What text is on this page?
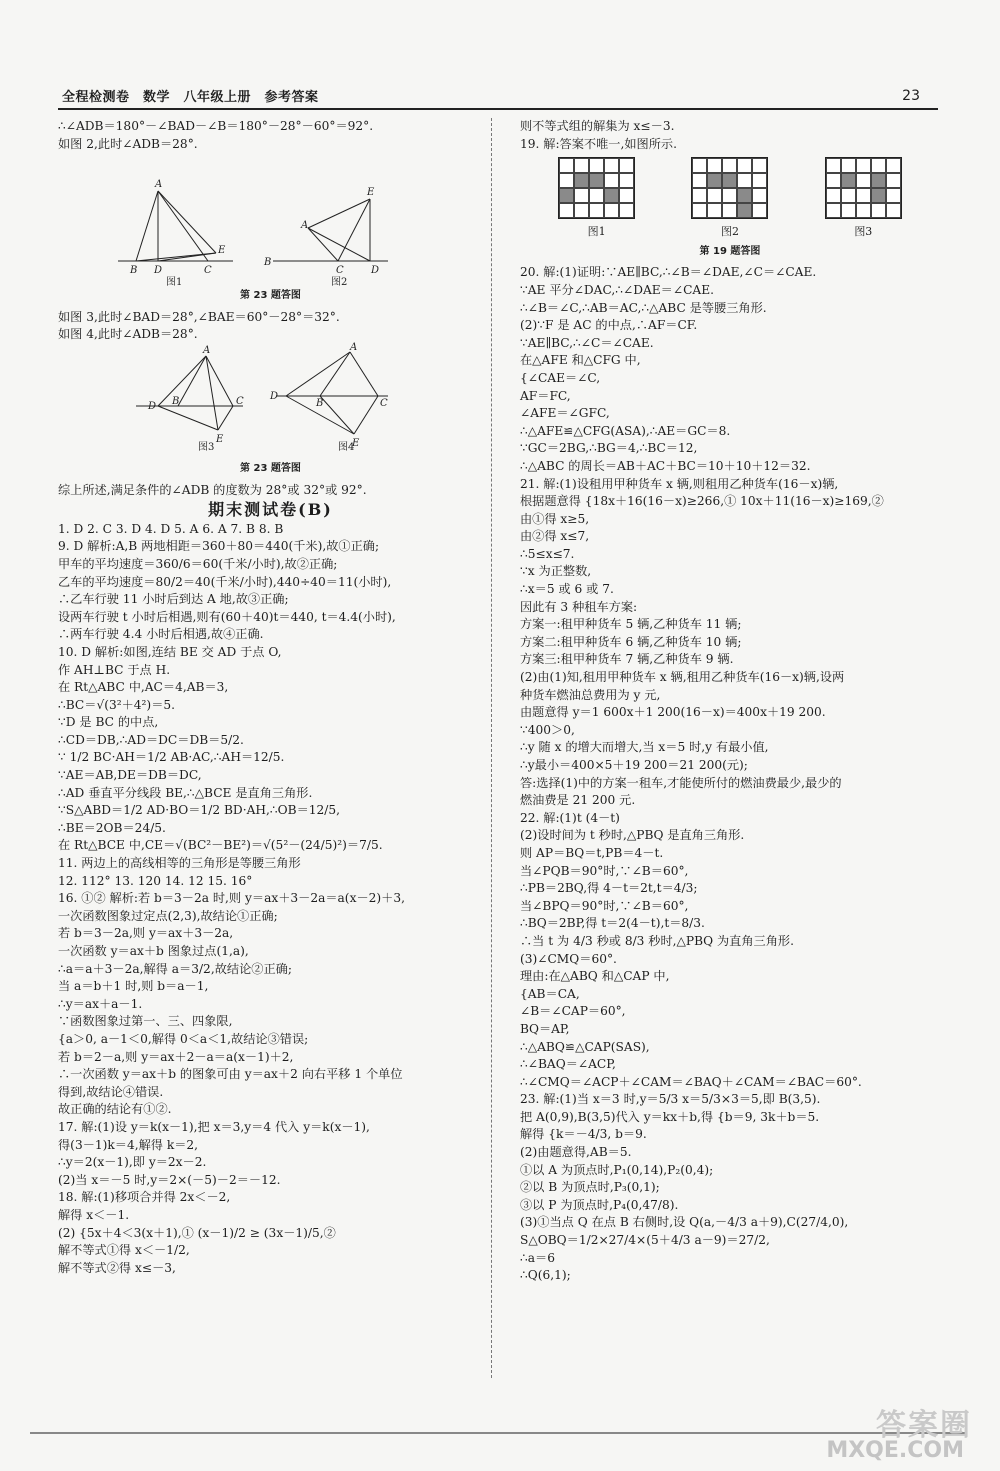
全程检测卷　数学　八年级上册　参考答案	23
∴∠ADB＝180°－∠BAD－∠B＝180°－28°－60°＝92°.
如图 2,此时∠ADB＝28°.
A
B D	C
E
E
A
B
C	D
图1	图2
第 23 题答图
如图 3,此时∠BAD＝28°,∠BAE＝60°－28°＝32°.
如图 4,此时∠ADB＝28°.
A
D B	C
E
A
D
B	C
E
图3	图4
第 23 题答图
综上所述,满足条件的∠ADB 的度数为 28°或 32°或 92°.
期末测试卷(B)
1. D 2. C 3. D 4. D 5. A 6. A 7. B 8. B
9. D 解析:A,B 两地相距＝360＋80＝440(千米),故①正确;
甲车的平均速度＝360/6＝60(千米/小时),故②正确;
乙车的平均速度＝80/2＝40(千米/小时),440÷40＝11(小时),
∴乙车行驶 11 小时后到达 A 地,故③正确;
设两车行驶 t 小时后相遇,则有(60＋40)t＝440, t＝4.4(小时),
∴两车行驶 4.4 小时后相遇,故④正确.
10. D 解析:如图,连结 BE 交 AD 于点 O,
作 AH⊥BC 于点 H.
在 Rt△ABC 中,AC＝4,AB＝3,
∴BC＝√(3²＋4²)＝5.
∵D 是 BC 的中点,
∴CD＝DB,∴AD＝DC＝DB＝5/2.
∵ 1/2 BC·AH＝1/2 AB·AC,∴AH＝12/5.
∵AE＝AB,DE＝DB＝DC,
∴AD 垂直平分线段 BE,∴△BCE 是直角三角形.
∵S△ABD＝1/2 AD·BO＝1/2 BD·AH,∴OB＝12/5,
∴BE＝2OB＝24/5.
在 Rt△BCE 中,CE＝√(BC²－BE²)＝√(5²－(24/5)²)＝7/5.
11. 两边上的高线相等的三角形是等腰三角形
12. 112° 13. 120 14. 12 15. 16°
16. ①② 解析:若 b＝3－2a 时,则 y＝ax＋3－2a＝a(x－2)＋3,
一次函数图象过定点(2,3),故结论①正确;
若 b＝3－2a,则 y＝ax＋3－2a,
一次函数 y＝ax＋b 图象过点(1,a),
∴a＝a＋3－2a,解得 a＝3/2,故结论②正确;
当 a＝b＋1 时,则 b＝a－1,
∴y＝ax＋a－1.
∵函数图象过第一、三、四象限,
{a＞0, a－1＜0,解得 0＜a＜1,故结论③错误;
若 b＝2－a,则 y＝ax＋2－a＝a(x－1)＋2,
∴一次函数 y＝ax＋b 的图象可由 y＝ax＋2 向右平移 1 个单位
得到,故结论④错误.
故正确的结论有①②.
17. 解:(1)设 y＝k(x－1),把 x＝3,y＝4 代入 y＝k(x－1),
得(3－1)k＝4,解得 k＝2,
∴y＝2(x－1),即 y＝2x－2.
(2)当 x＝－5 时,y＝2×(－5)－2＝－12.
18. 解:(1)移项合并得 2x＜－2,
解得 x＜－1.
(2) {5x＋4＜3(x＋1),① (x－1)/2 ≥ (3x－1)/5,②
解不等式①得 x＜－1/2,
解不等式②得 x≤－3,
则不等式组的解集为 x≤－3.
19. 解:答案不唯一,如图所示.
图1	图2	图3
第 19 题答图
20. 解:(1)证明:∵AE∥BC,∴∠B＝∠DAE,∠C＝∠CAE.
∵AE 平分∠DAC,∴∠DAE＝∠CAE.
∴∠B＝∠C,∴AB＝AC,∴△ABC 是等腰三角形.
(2)∵F 是 AC 的中点,∴AF＝CF.
∵AE∥BC,∴∠C＝∠CAE.
在△AFE 和△CFG 中,
{∠CAE＝∠C,
AF＝FC,
∠AFE＝∠GFC,
∴△AFE≌△CFG(ASA),∴AE＝GC＝8.
∵GC＝2BG,∴BG＝4,∴BC＝12,
∴△ABC 的周长＝AB＋AC＋BC＝10＋10＋12＝32.
21. 解:(1)设租用甲种货车 x 辆,则租用乙种货车(16－x)辆,
根据题意得 {18x＋16(16－x)≥266,① 10x＋11(16－x)≥169,②
由①得 x≥5,
由②得 x≤7,
∴5≤x≤7.
∵x 为正整数,
∴x＝5 或 6 或 7.
因此有 3 种租车方案:
方案一:租甲种货车 5 辆,乙种货车 11 辆;
方案二:租甲种货车 6 辆,乙种货车 10 辆;
方案三:租甲种货车 7 辆,乙种货车 9 辆.
(2)由(1)知,租用甲种货车 x 辆,租用乙种货车(16－x)辆,设两
种货车燃油总费用为 y 元,
由题意得 y＝1 600x＋1 200(16－x)＝400x＋19 200.
∵400＞0,
∴y 随 x 的增大而增大,当 x＝5 时,y 有最小值,
∴y最小＝400×5＋19 200＝21 200(元);
答:选择(1)中的方案一租车,才能使所付的燃油费最少,最少的
燃油费是 21 200 元.
22. 解:(1)t (4－t)
(2)设时间为 t 秒时,△PBQ 是直角三角形.
则 AP＝BQ＝t,PB＝4－t.
当∠PQB＝90°时,∵∠B＝60°,
∴PB＝2BQ,得 4－t＝2t,t＝4/3;
当∠BPQ＝90°时,∵∠B＝60°,
∴BQ＝2BP,得 t＝2(4－t),t＝8/3.
∴当 t 为 4/3 秒或 8/3 秒时,△PBQ 为直角三角形.
(3)∠CMQ＝60°.
理由:在△ABQ 和△CAP 中,
{AB＝CA,
∠B＝∠CAP＝60°,
BQ＝AP,
∴△ABQ≌△CAP(SAS),
∴∠BAQ＝∠ACP,
∴∠CMQ＝∠ACP＋∠CAM＝∠BAQ＋∠CAM＝∠BAC＝60°.
23. 解:(1)当 x＝3 时,y＝5/3 x＝5/3×3＝5,即 B(3,5).
把 A(0,9),B(3,5)代入 y＝kx＋b,得 {b＝9, 3k＋b＝5.
解得 {k＝－4/3, b＝9.
(2)由题意得,AB＝5.
①以 A 为顶点时,P₁(0,14),P₂(0,4);
②以 B 为顶点时,P₃(0,1);
③以 P 为顶点时,P₄(0,47/8).
(3)①当点 Q 在点 B 右侧时,设 Q(a,－4/3 a＋9),C(27/4,0),
S△OBQ＝1/2×27/4×(5＋4/3 a－9)＝27/2,
∴a＝6
∴Q(6,1);
答案圈
MXQE.COM
